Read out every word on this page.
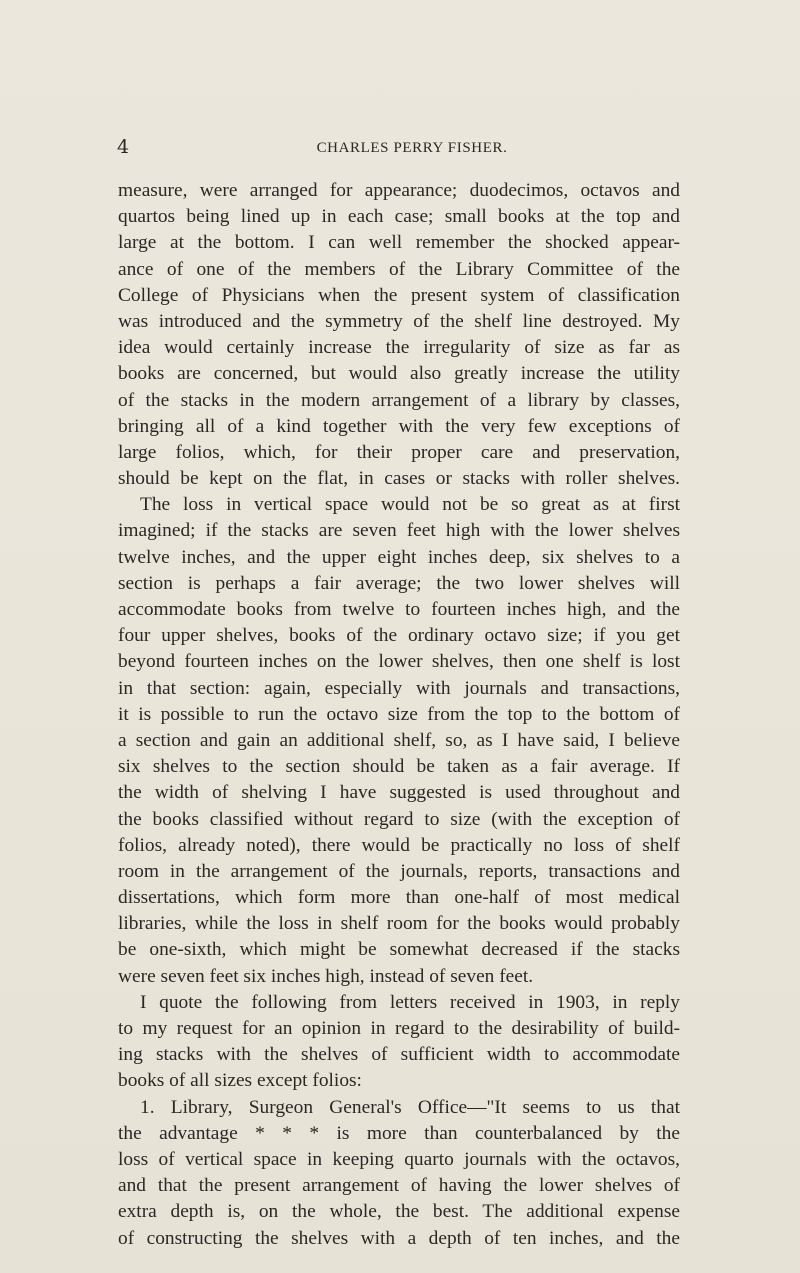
4	CHARLES PERRY FISHER.
measure, were arranged for appearance; duodecimos, octavos and
quartos being lined up in each case; small books at the top and
large at the bottom. I can well remember the shocked appear-
ance of one of the members of the Library Committee of the
College of Physicians when the present system of classification
was introduced and the symmetry of the shelf line destroyed. My
idea would certainly increase the irregularity of size as far as
books are concerned, but would also greatly increase the utility
of the stacks in the modern arrangement of a library by classes,
bringing all of a kind together with the very few exceptions of
large folios, which, for their proper care and preservation,
should be kept on the flat, in cases or stacks with roller shelves.
The loss in vertical space would not be so great as at first
imagined; if the stacks are seven feet high with the lower shelves
twelve inches, and the upper eight inches deep, six shelves to a
section is perhaps a fair average; the two lower shelves will
accommodate books from twelve to fourteen inches high, and the
four upper shelves, books of the ordinary octavo size; if you get
beyond fourteen inches on the lower shelves, then one shelf is lost
in that section: again, especially with journals and transactions,
it is possible to run the octavo size from the top to the bottom of
a section and gain an additional shelf, so, as I have said, I believe
six shelves to the section should be taken as a fair average. If
the width of shelving I have suggested is used throughout and
the books classified without regard to size (with the exception of
folios, already noted), there would be practically no loss of shelf
room in the arrangement of the journals, reports, transactions and
dissertations, which form more than one-half of most medical
libraries, while the loss in shelf room for the books would probably
be one-sixth, which might be somewhat decreased if the stacks
were seven feet six inches high, instead of seven feet.
I quote the following from letters received in 1903, in reply
to my request for an opinion in regard to the desirability of build-
ing stacks with the shelves of sufficient width to accommodate
books of all sizes except folios:
1. Library, Surgeon General's Office—"It seems to us that
the advantage * * * is more than counterbalanced by the
loss of vertical space in keeping quarto journals with the octavos,
and that the present arrangement of having the lower shelves of
extra depth is, on the whole, the best. The additional expense
of constructing the shelves with a depth of ten inches, and the
